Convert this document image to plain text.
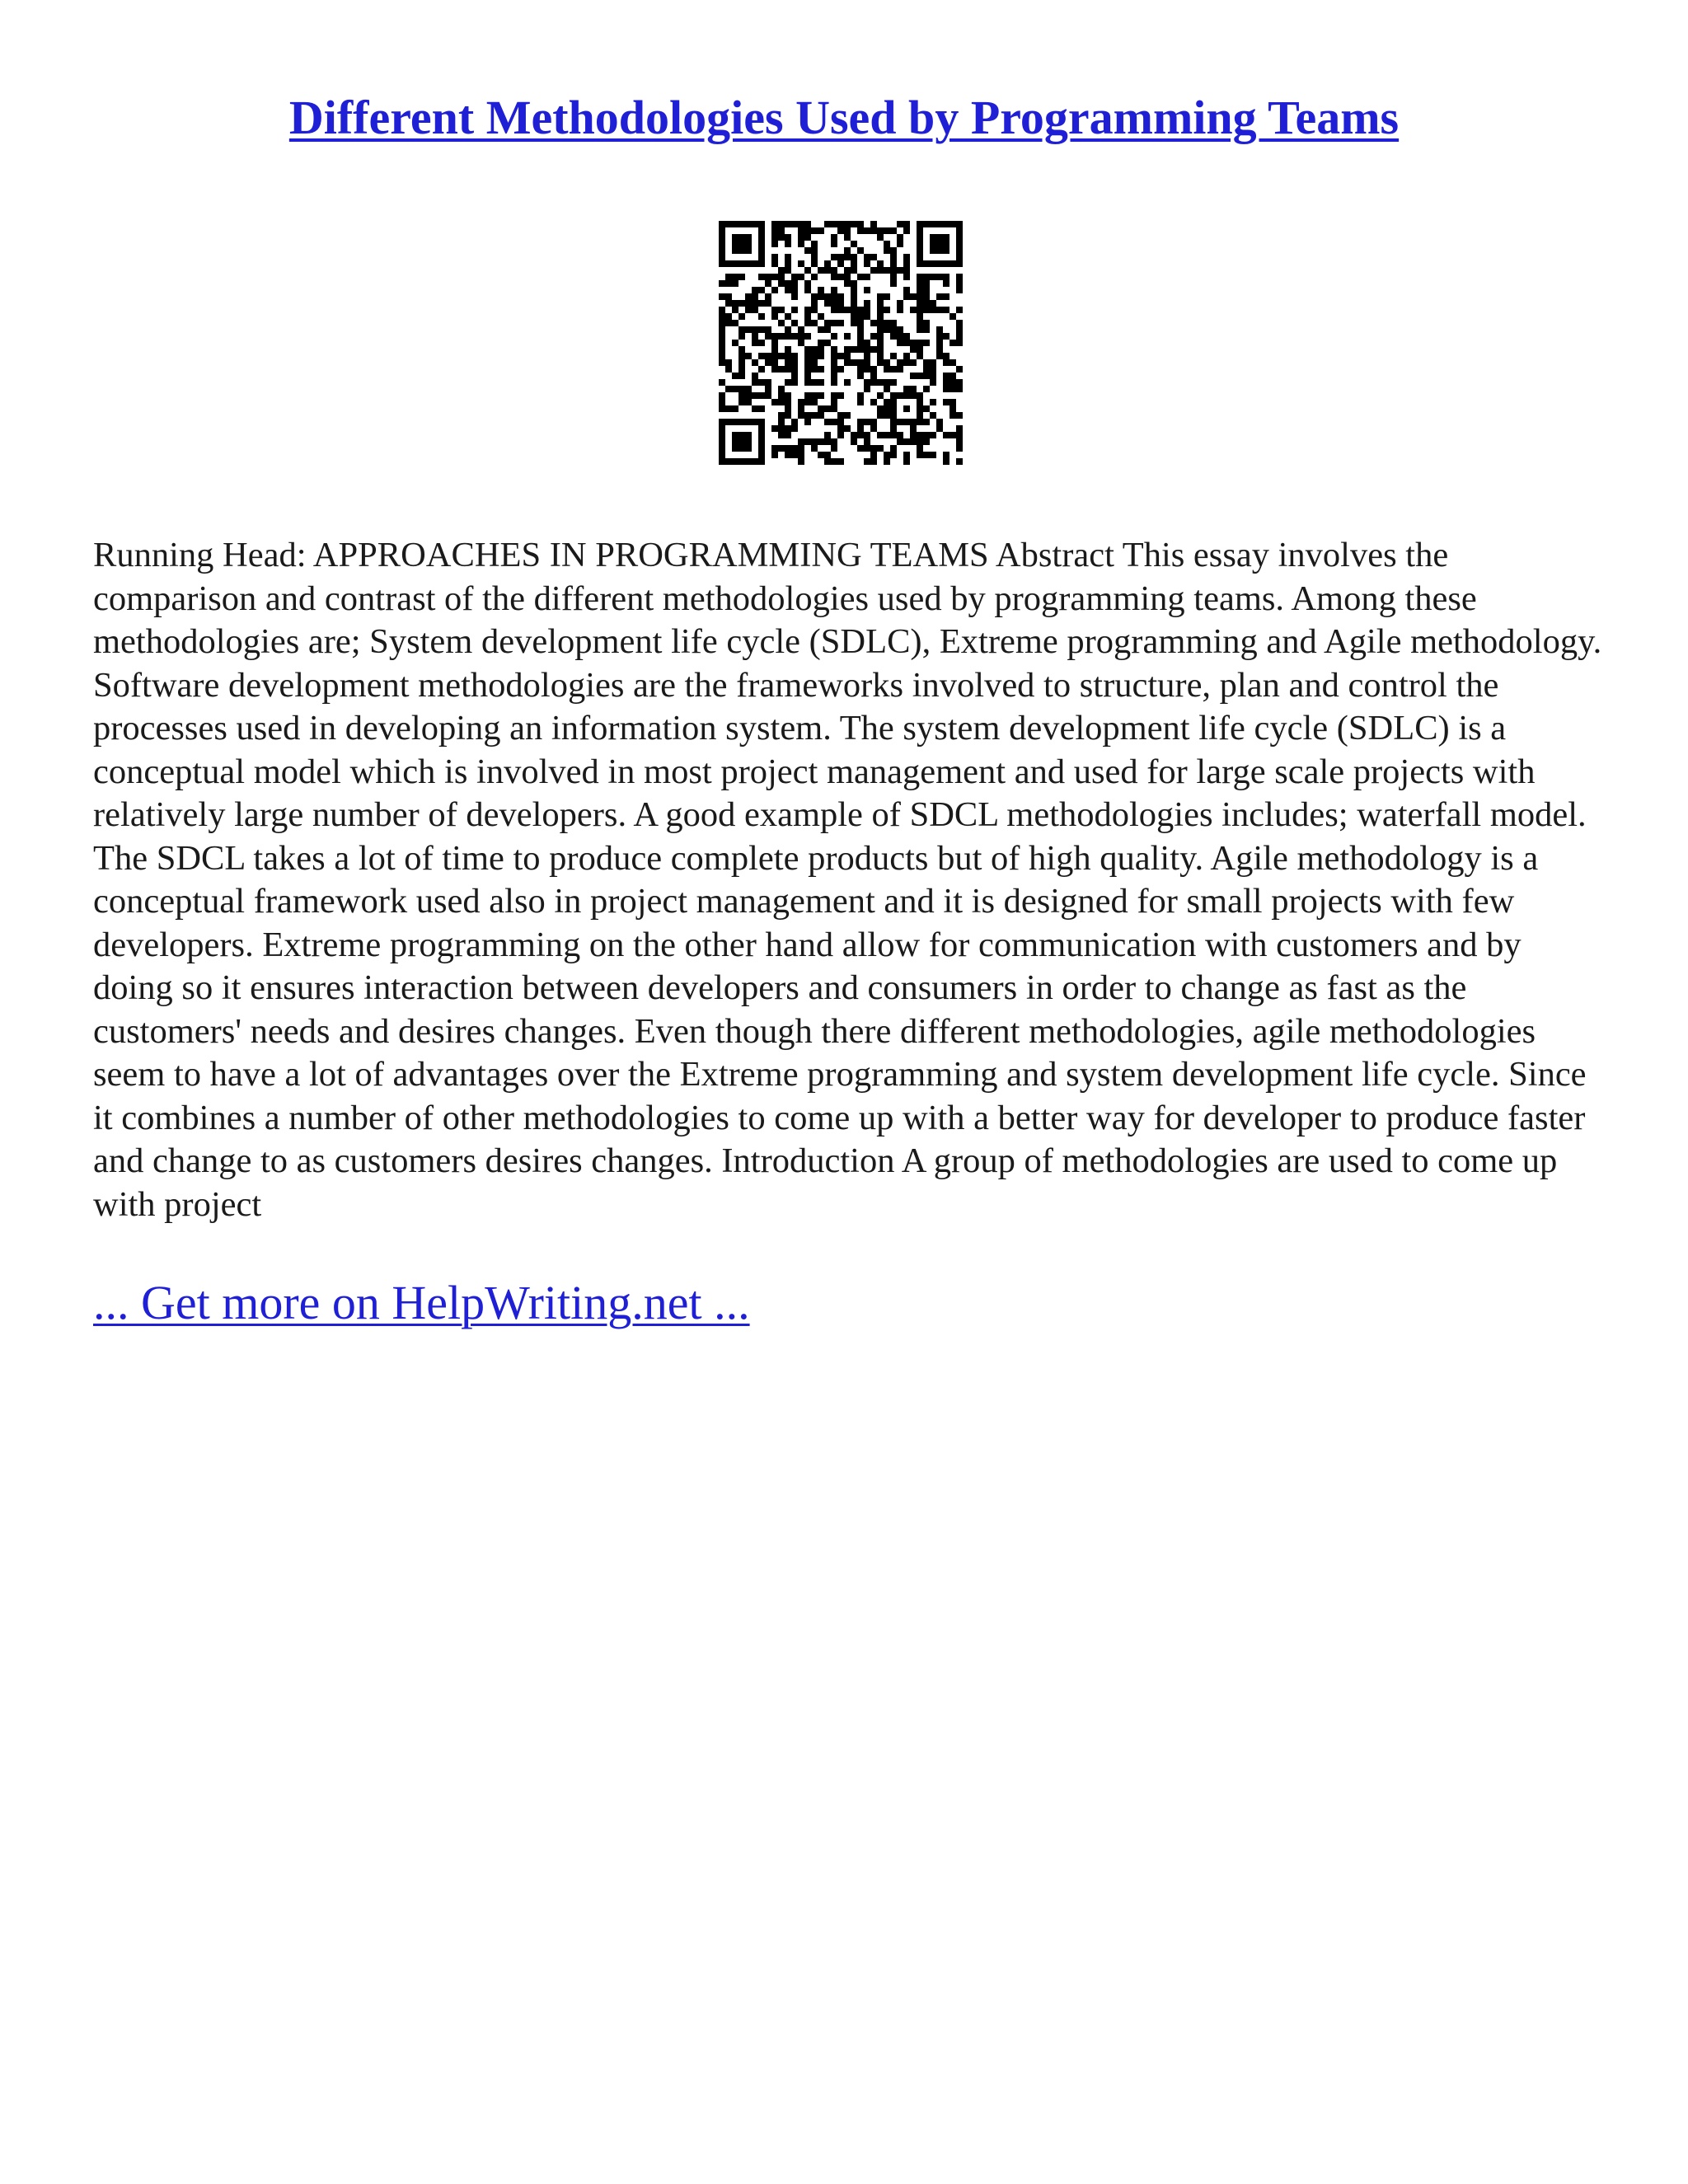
Different Methodologies Used by Programming Teams

Running Head: APPROACHES IN PROGRAMMING TEAMS Abstract This essay involves the comparison and contrast of the different methodologies used by programming teams. Among these methodologies are; System development life cycle (SDLC), Extreme programming and Agile methodology. Software development methodologies are the frameworks involved to structure, plan and control the processes used in developing an information system. The system development life cycle (SDLC) is a conceptual model which is involved in most project management and used for large scale projects with relatively large number of developers. A good example of SDCL methodologies includes; waterfall model. The SDCL takes a lot of time to produce complete products but of high quality. Agile methodology is a conceptual framework used also in project management and it is designed for small projects with few developers. Extreme programming on the other hand allow for communication with customers and by doing so it ensures interaction between developers and consumers in order to change as fast as the customers' needs and desires changes. Even though there different methodologies, agile methodologies seem to have a lot of advantages over the Extreme programming and system development life cycle. Since it combines a number of other methodologies to come up with a better way for developer to produce faster and change to as customers desires changes. Introduction A group of methodologies are used to come up with project

... Get more on HelpWriting.net ...
